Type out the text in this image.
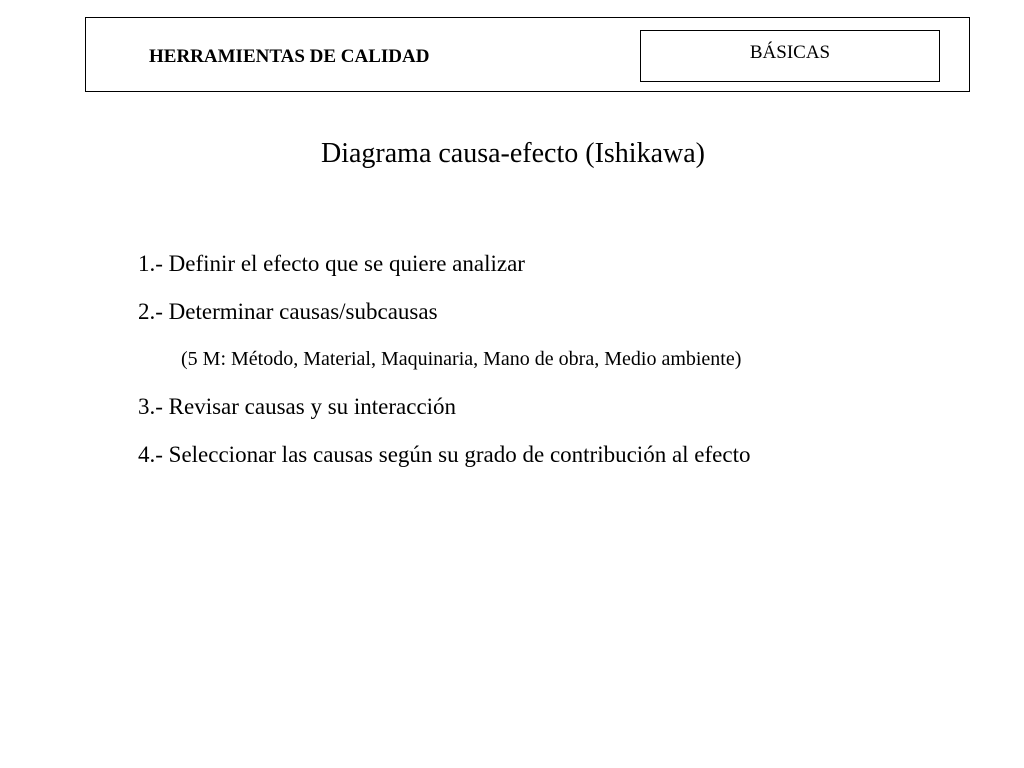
HERRAMIENTAS DE CALIDAD	BÁSICAS
Diagrama causa-efecto (Ishikawa)
1.- Definir el efecto que se quiere analizar
2.- Determinar causas/subcausas
(5 M: Método, Material, Maquinaria, Mano de obra, Medio ambiente)
3.- Revisar causas y su interacción
4.- Seleccionar las causas según su grado de contribución al efecto
